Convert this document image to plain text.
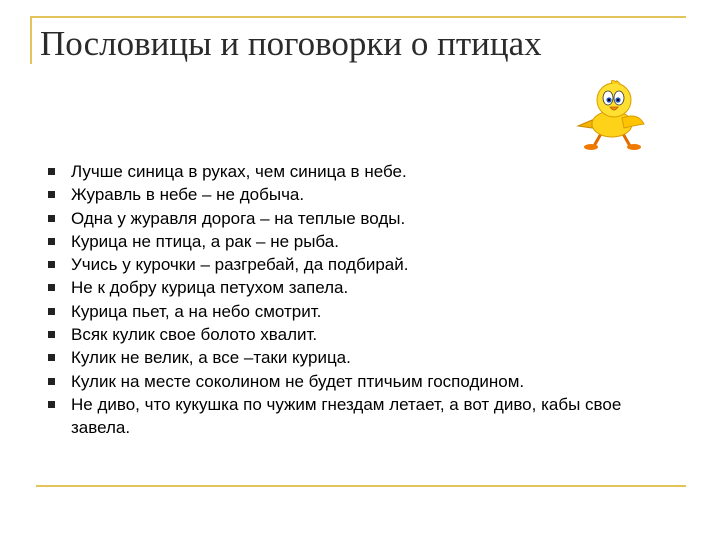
Пословицы и поговорки о птицах
Лучше синица в руках, чем синица в небе.
Журавль в небе – не добыча.
Одна у журавля дорога – на теплые воды.
Курица не птица, а рак – не рыба.
Учись у курочки – разгребай, да подбирай.
Не к добру курица петухом запела.
Курица пьет, а на небо смотрит.
Всяк кулик свое болото хвалит.
Кулик не велик, а все –таки курица.
Кулик на месте соколином не будет птичьим господином.
Не диво, что кукушка по чужим гнездам летает, а вот диво, кабы свое завела.
